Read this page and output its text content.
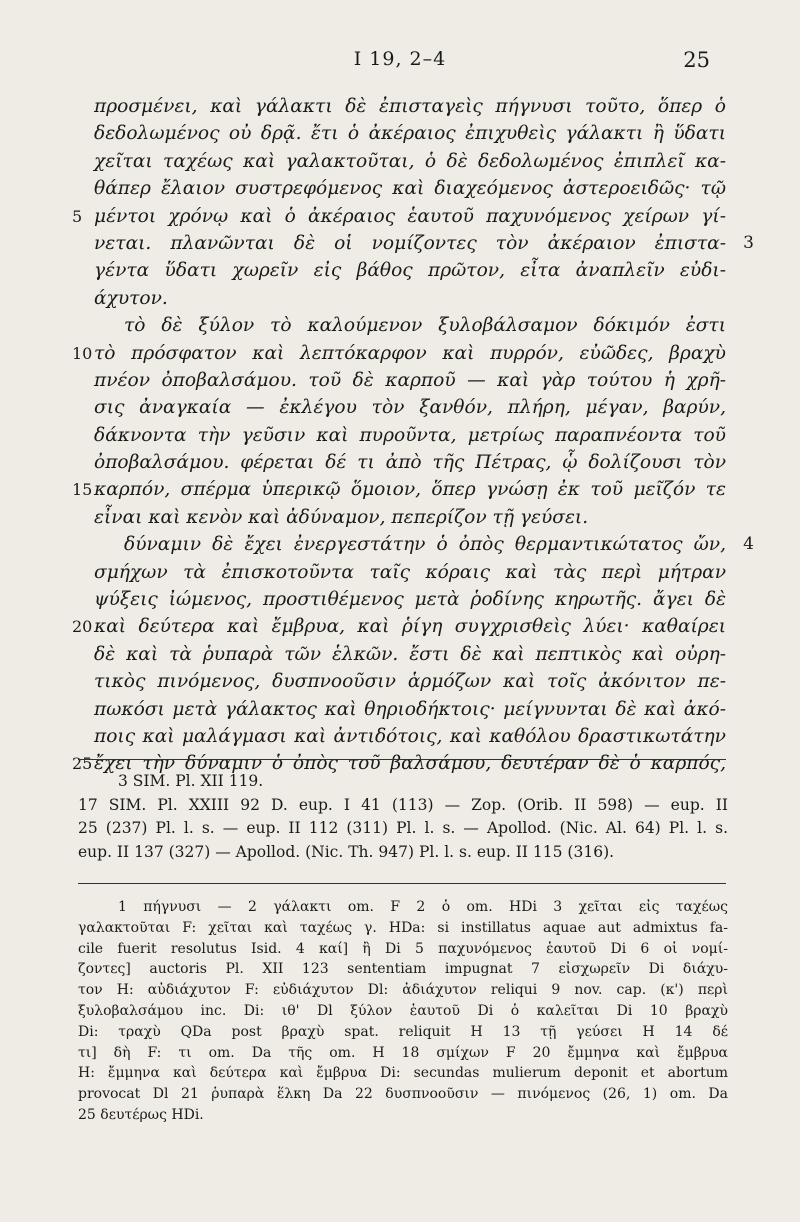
I 19, 2–4	25
προσμένει, καὶ γάλακτι δὲ ἐπισταγεὶς πήγνυσι τοῦτο, ὅπερ ὁ
δεδολωμένος οὐ δρᾷ. ἔτι ὁ ἀκέραιος ἐπιχυθεὶς γάλακτι ἢ ὕδατι
χεῖται ταχέως καὶ γαλακτοῦται, ὁ δὲ δεδολωμένος ἐπιπλεῖ κα-
θάπερ ἔλαιον συστρεφόμενος καὶ διαχεόμενος ἀστεροειδῶς· τῷ
5 μέντοι χρόνῳ καὶ ὁ ἀκέραιος ἑαυτοῦ παχυνόμενος χείρων γί-
νεται. πλανῶνται δὲ οἱ νομίζοντες τὸν ἀκέραιον ἐπιστα- 3
γέντα ὕδατι χωρεῖν εἰς βάθος πρῶτον, εἶτα ἀναπλεῖν εὐδι-
άχυτον.
τὸ δὲ ξύλον τὸ καλούμενον ξυλοβάλσαμον δόκιμόν ἐστι
10 τὸ πρόσφατον καὶ λεπτόκαρφον καὶ πυρρόν, εὐῶδες, βραχὺ
πνέον ὀποβαλσάμου. τοῦ δὲ καρποῦ — καὶ γὰρ τούτου ἡ χρῆ-
σις ἀναγκαία — ἐκλέγου τὸν ξανθόν, πλήρη, μέγαν, βαρύν,
δάκνοντα τὴν γεῦσιν καὶ πυροῦντα, μετρίως παραπνέοντα τοῦ
ὀποβαλσάμου. φέρεται δέ τι ἀπὸ τῆς Πέτρας, ᾧ δολίζουσι τὸν
15 καρπόν, σπέρμα ὑπερικῷ ὅμοιον, ὅπερ γνώσῃ ἐκ τοῦ μεῖζόν τε
εἶναι καὶ κενὸν καὶ ἀδύναμον, πεπερίζον τῇ γεύσει.
δύναμιν δὲ ἔχει ἐνεργεστάτην ὁ ὀπὸς θερμαντικώτατος ὤν, 4
σμήχων τὰ ἐπισκοτοῦντα ταῖς κόραις καὶ τὰς περὶ μήτραν
ψύξεις ἰώμενος, προστιθέμενος μετὰ ῥοδίνης κηρωτῆς. ἄγει δὲ
20 καὶ δεύτερα καὶ ἔμβρυα, καὶ ῥίγη συγχρισθεὶς λύει· καθαίρει
δὲ καὶ τὰ ῥυπαρὰ τῶν ἑλκῶν. ἔστι δὲ καὶ πεπτικὸς καὶ οὐρη-
τικὸς πινόμενος, δυσπνοοῦσιν ἁρμόζων καὶ τοῖς ἀκόνιτον πε-
πωκόσι μετὰ γάλακτος καὶ θηριοδήκτοις· μείγνυνται δὲ καὶ ἀκό-
ποις καὶ μαλάγμασι καὶ ἀντιδότοις, καὶ καθόλου δραστικωτάτην
25 ἔχει τὴν δύναμιν ὁ ὀπὸς τοῦ βαλσάμου, δευτέραν δὲ ὁ καρπός,
3 SIM. Pl. XII 119.
17 SIM. Pl. XXIII 92 D. eup. I 41 (113) — Zop. (Orib. II 598) — eup. II
25 (237) Pl. l. s. — eup. II 112 (311) Pl. l. s. — Apollod. (Nic. Al. 64) Pl. l. s.
eup. II 137 (327) — Apollod. (Nic. Th. 947) Pl. l. s. eup. II 115 (316).
1 πήγνυσι — 2 γάλακτι om. F 2 ὁ om. HDi 3 χεῖται εἰς ταχέως
γαλακτοῦται F: χεῖται καὶ ταχέως γ. HDa: si instillatus aquae aut admixtus fa-
cile fuerit resolutus Isid. 4 καί] ἢ Di 5 παχυνόμενος ἑαυτοῦ Di 6 οἱ νομί-
ζοντες] auctoris Pl. XII 123 sententiam impugnat 7 εἰσχωρεῖν Di διάχυ-
τον H: αὐδιάχυτον F: εὐδιάχυτον Dl: ἀδιάχυτον reliqui 9 nov. cap. (κ') περὶ
ξυλοβαλσάμου inc. Di: ιθ' Dl ξύλον ἑαυτοῦ Di ὁ καλεῖται Di 10 βραχὺ
Di: τραχὺ QDa post βραχὺ spat. reliquit H 13 τῇ γεύσει H 14 δέ
τι] δὴ F: τι om. Da τῆς om. H 18 σμίχων F 20 ἔμμηνα καὶ ἔμβρυα
H: ἔμμηνα καὶ δεύτερα καὶ ἔμβρυα Di: secundas mulierum deponit et abortum
provocat Dl 21 ῥυπαρὰ ἕλκη Da 22 δυσπνοοῦσιν — πινόμενος (26, 1) om. Da
25 δευτέρως HDi.
